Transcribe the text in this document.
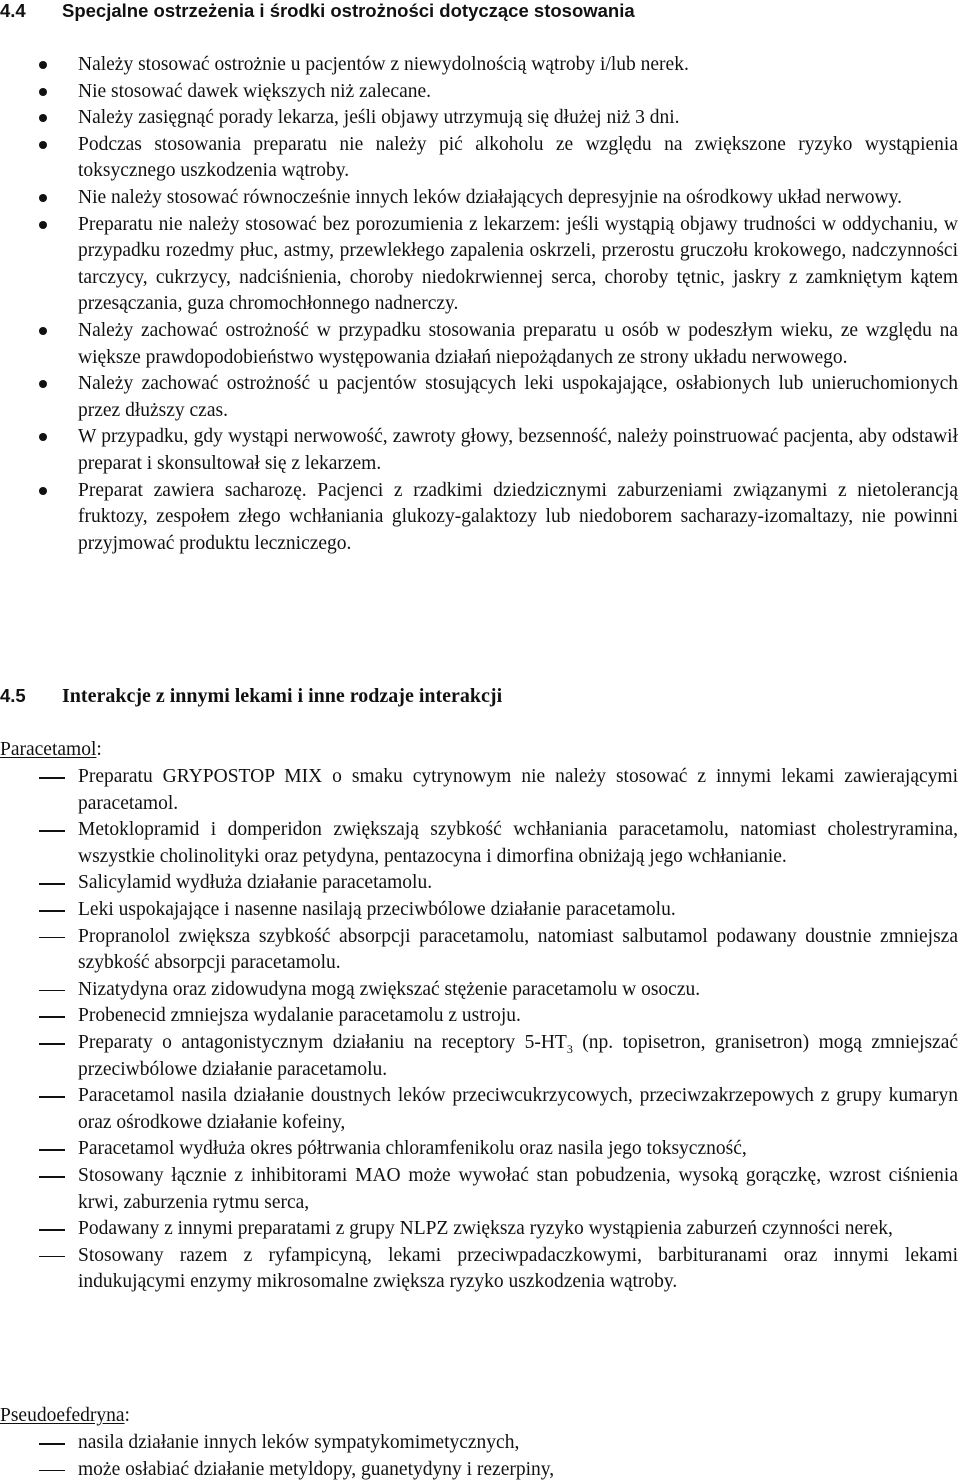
4.4 Specjalne ostrzeżenia i środki ostrożności dotyczące stosowania
Należy stosować ostrożnie u pacjentów z niewydolnością wątroby i/lub nerek.
Nie stosować dawek większych niż zalecane.
Należy zasięgnąć porady lekarza, jeśli objawy utrzymują się dłużej niż 3 dni.
Podczas stosowania preparatu nie należy pić alkoholu ze względu na zwiększone ryzyko wystąpienia toksycznego uszkodzenia wątroby.
Nie należy stosować równocześnie innych leków działających depresyjnie na ośrodkowy układ nerwowy.
Preparatu nie należy stosować bez porozumienia z lekarzem: jeśli wystąpią objawy trudności w oddychaniu, w przypadku rozedmy płuc, astmy, przewlekłego zapalenia oskrzeli, przerostu gruczołu krokowego, nadczynności tarczycy, cukrzycy, nadciśnienia, choroby niedokrwiennej serca, choroby tętnic, jaskry z zamkniętym kątem przesączania, guza chromochłonnego nadnerczy.
Należy zachować ostrożność w przypadku stosowania preparatu u osób w podeszłym wieku, ze względu na większe prawdopodobieństwo występowania działań niepożądanych ze strony układu nerwowego.
Należy zachować ostrożność u pacjentów stosujących leki uspokajające, osłabionych lub unieruchomionych przez dłuższy czas.
W przypadku, gdy wystąpi nerwowość, zawroty głowy, bezsenność, należy poinstruować pacjenta, aby odstawił preparat i skonsultował się z lekarzem.
Preparat zawiera sacharozę. Pacjenci z rzadkimi dziedzicznymi zaburzeniami związanymi z nietolerancją fruktozy, zespołem złego wchłaniania glukozy-galaktozy lub niedoborem sacharazy-izomaltazy, nie powinni przyjmować produktu leczniczego.
4.5 Interakcje z innymi lekami i inne rodzaje interakcji
Paracetamol:
Preparatu GRYPOSTOP MIX o smaku cytrynowym nie należy stosować z innymi lekami zawierającymi paracetamol.
Metoklopramid i domperidon zwiększają szybkość wchłaniania paracetamolu, natomiast cholestryramina, wszystkie cholinolityki oraz petydyna, pentazocyna i dimorfina obniżają jego wchłanianie.
Salicylamid wydłuża działanie paracetamolu.
Leki uspokajające i nasenne nasilają przeciwbólowe działanie paracetamolu.
Propranolol zwiększa szybkość absorpcji paracetamolu, natomiast salbutamol podawany doustnie zmniejsza szybkość absorpcji paracetamolu.
Nizatydyna oraz zidowudyna mogą zwiększać stężenie paracetamolu w osoczu.
Probenecid zmniejsza wydalanie paracetamolu z ustroju.
Preparaty o antagonistycznym działaniu na receptory $5-HT_3$ (np. topisetron, granisetron) mogą zmniejszać przeciwbólowe działanie paracetamolu.
Paracetamol nasila działanie doustnych leków przeciwcukrzycowych, przeciwzakrzepowych z grupy kumaryn oraz ośrodkowe działanie kofeiny,
Paracetamol wydłuża okres półtrwania chloramfenikolu oraz nasila jego toksyczność,
Stosowany łącznie z inhibitorami MAO może wywołać stan pobudzenia, wysoką gorączkę, wzrost ciśnienia krwi, zaburzenia rytmu serca,
Podawany z innymi preparatami z grupy NLPZ zwiększa ryzyko wystąpienia zaburzeń czynności nerek,
Stosowany razem z ryfampicyną, lekami przeciwpadaczkowymi, barbituranami oraz innymi lekami indukującymi enzymy mikrosomalne zwiększa ryzyko uszkodzenia wątroby.
Pseudoefedryna:
nasila działanie innych leków sympatykomimetycznych,
może osłabiać działanie metyldopy, guanetydyny i rezerpiny,
